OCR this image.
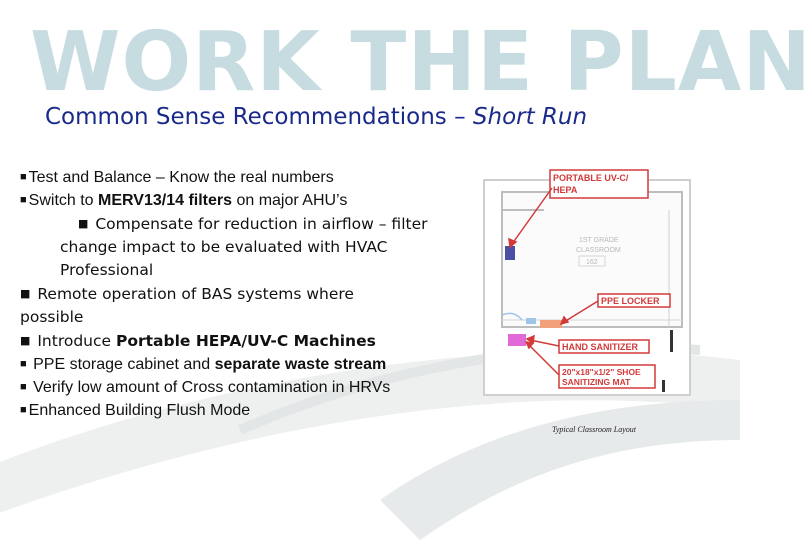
WORK THE PLAN
Common Sense Recommendations – Short Run
■ Test and Balance – Know the real numbers
■ Switch to MERV13/14 filters on major AHU’s
■ Compensate for reduction in airflow – filter
change impact to be evaluated with HVAC
Professional
■ Remote operation of BAS systems where
possible
■ Introduce Portable HEPA/UV-C Machines
■ PPE storage cabinet and separate waste stream
■ Verify low amount of Cross contamination in HRVs
■ Enhanced Building Flush Mode
1ST GRADE
CLASSROOM
162
PORTABLE UV-C/
HEPA
PPE LOCKER
HAND SANITIZER
20"x18"x1/2" SHOE
SANITIZING MAT
Typical Classroom Layout
